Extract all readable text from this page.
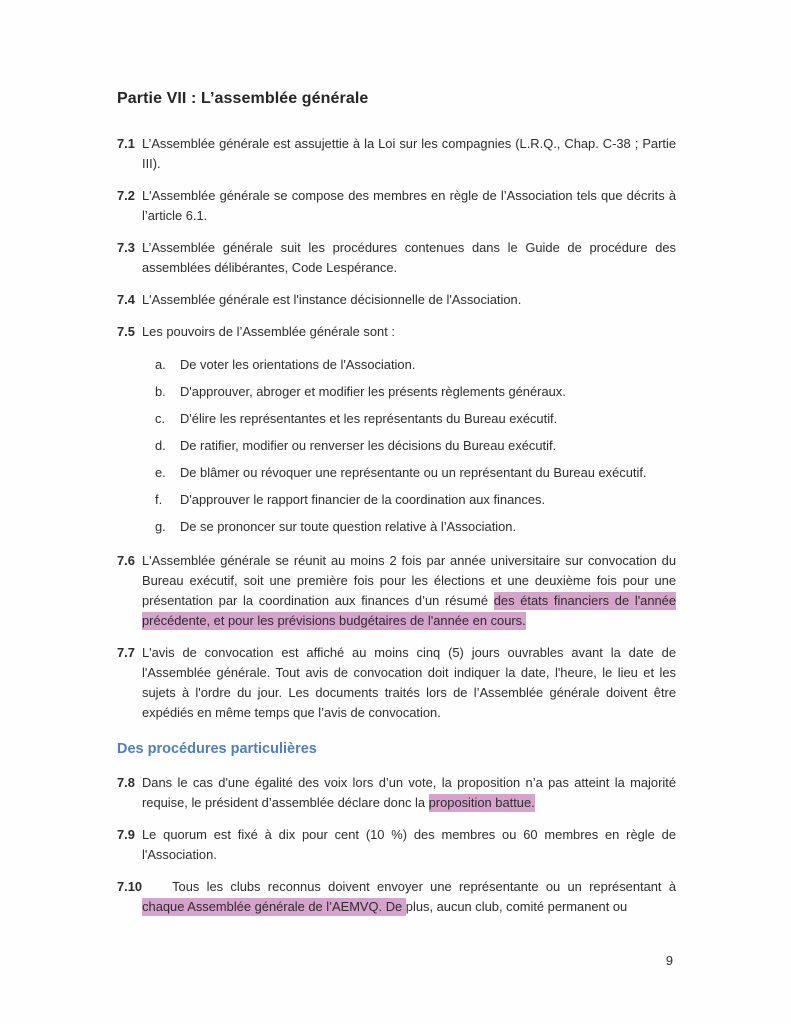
Partie VII : L’assemblée générale
7.1 L’Assemblée générale est assujettie à la Loi sur les compagnies (L.R.Q., Chap. C-38 ; Partie III).
7.2 L'Assemblée générale se compose des membres en règle de l’Association tels que décrits à l’article 6.1.
7.3 L’Assemblée générale suit les procédures contenues dans le Guide de procédure des assemblées délibérantes, Code Lespérance.
7.4 L'Assemblée générale est l'instance décisionnelle de l'Association.
7.5 Les pouvoirs de l’Assemblée générale sont :
a.	De voter les orientations de l'Association.
b.	D'approuver, abroger et modifier les présents règlements généraux.
c.	D'élire les représentantes et les représentants du Bureau exécutif.
d.	De ratifier, modifier ou renverser les décisions du Bureau exécutif.
e.	De blâmer ou révoquer une représentante ou un représentant du Bureau exécutif.
f.	D'approuver le rapport financier de la coordination aux finances.
g.	De se prononcer sur toute question relative à l’Association.
7.6 L'Assemblée générale se réunit au moins 2 fois par année universitaire sur convocation du Bureau exécutif, soit une première fois pour les élections et une deuxième fois pour une présentation par la coordination aux finances d’un résumé des états financiers de l'année précédente, et pour les prévisions budgétaires de l'année en cours.
7.7 L'avis de convocation est affiché au moins cinq (5) jours ouvrables avant la date de l'Assemblée générale. Tout avis de convocation doit indiquer la date, l'heure, le lieu et les sujets à l'ordre du jour. Les documents traités lors de l’Assemblée générale doivent être expédiés en même temps que l’avis de convocation.
Des procédures particulières
7.8 Dans le cas d'une égalité des voix lors d’un vote, la proposition n’a pas atteint la majorité requise, le président d’assemblée déclare donc la proposition battue.
7.9 Le quorum est fixé à dix pour cent (10 %) des membres ou 60 membres en règle de l'Association.
7.10	Tous les clubs reconnus doivent envoyer une représentante ou un représentant à chaque Assemblée générale de l’AEMVQ. De plus, aucun club, comité permanent ou
9
